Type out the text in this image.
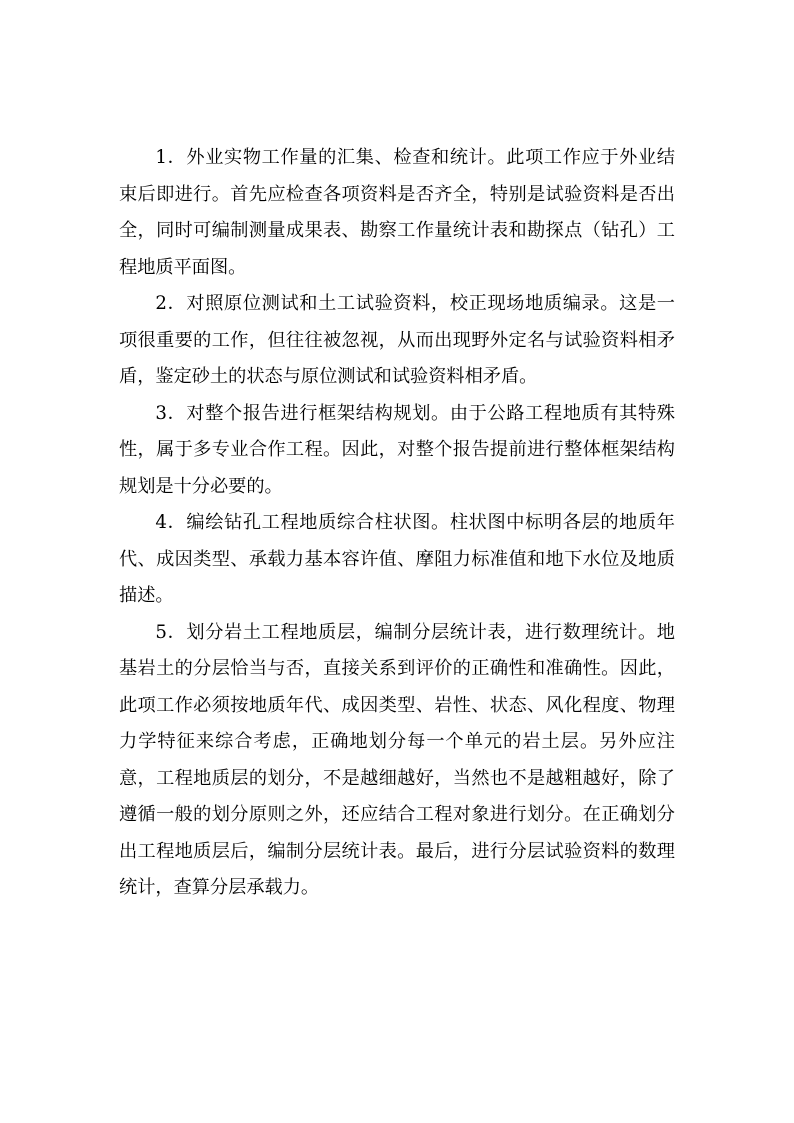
1．外业实物工作量的汇集、检查和统计。此项工作应于外业结束后即进行。首先应检查各项资料是否齐全，特别是试验资料是否出全，同时可编制测量成果表、勘察工作量统计表和勘探点（钻孔）工程地质平面图。

2．对照原位测试和土工试验资料，校正现场地质编录。这是一项很重要的工作，但往往被忽视，从而出现野外定名与试验资料相矛盾，鉴定砂土的状态与原位测试和试验资料相矛盾。

3．对整个报告进行框架结构规划。由于公路工程地质有其特殊性，属于多专业合作工程。因此，对整个报告提前进行整体框架结构规划是十分必要的。

4．编绘钻孔工程地质综合柱状图。柱状图中标明各层的地质年代、成因类型、承载力基本容许值、摩阻力标准值和地下水位及地质描述。

5．划分岩土工程地质层，编制分层统计表，进行数理统计。地基岩土的分层恰当与否，直接关系到评价的正确性和准确性。因此，此项工作必须按地质年代、成因类型、岩性、状态、风化程度、物理力学特征来综合考虑，正确地划分每一个单元的岩土层。另外应注意，工程地质层的划分，不是越细越好，当然也不是越粗越好，除了遵循一般的划分原则之外，还应结合工程对象进行划分。在正确划分出工程地质层后，编制分层统计表。最后，进行分层试验资料的数理统计，查算分层承载力。
